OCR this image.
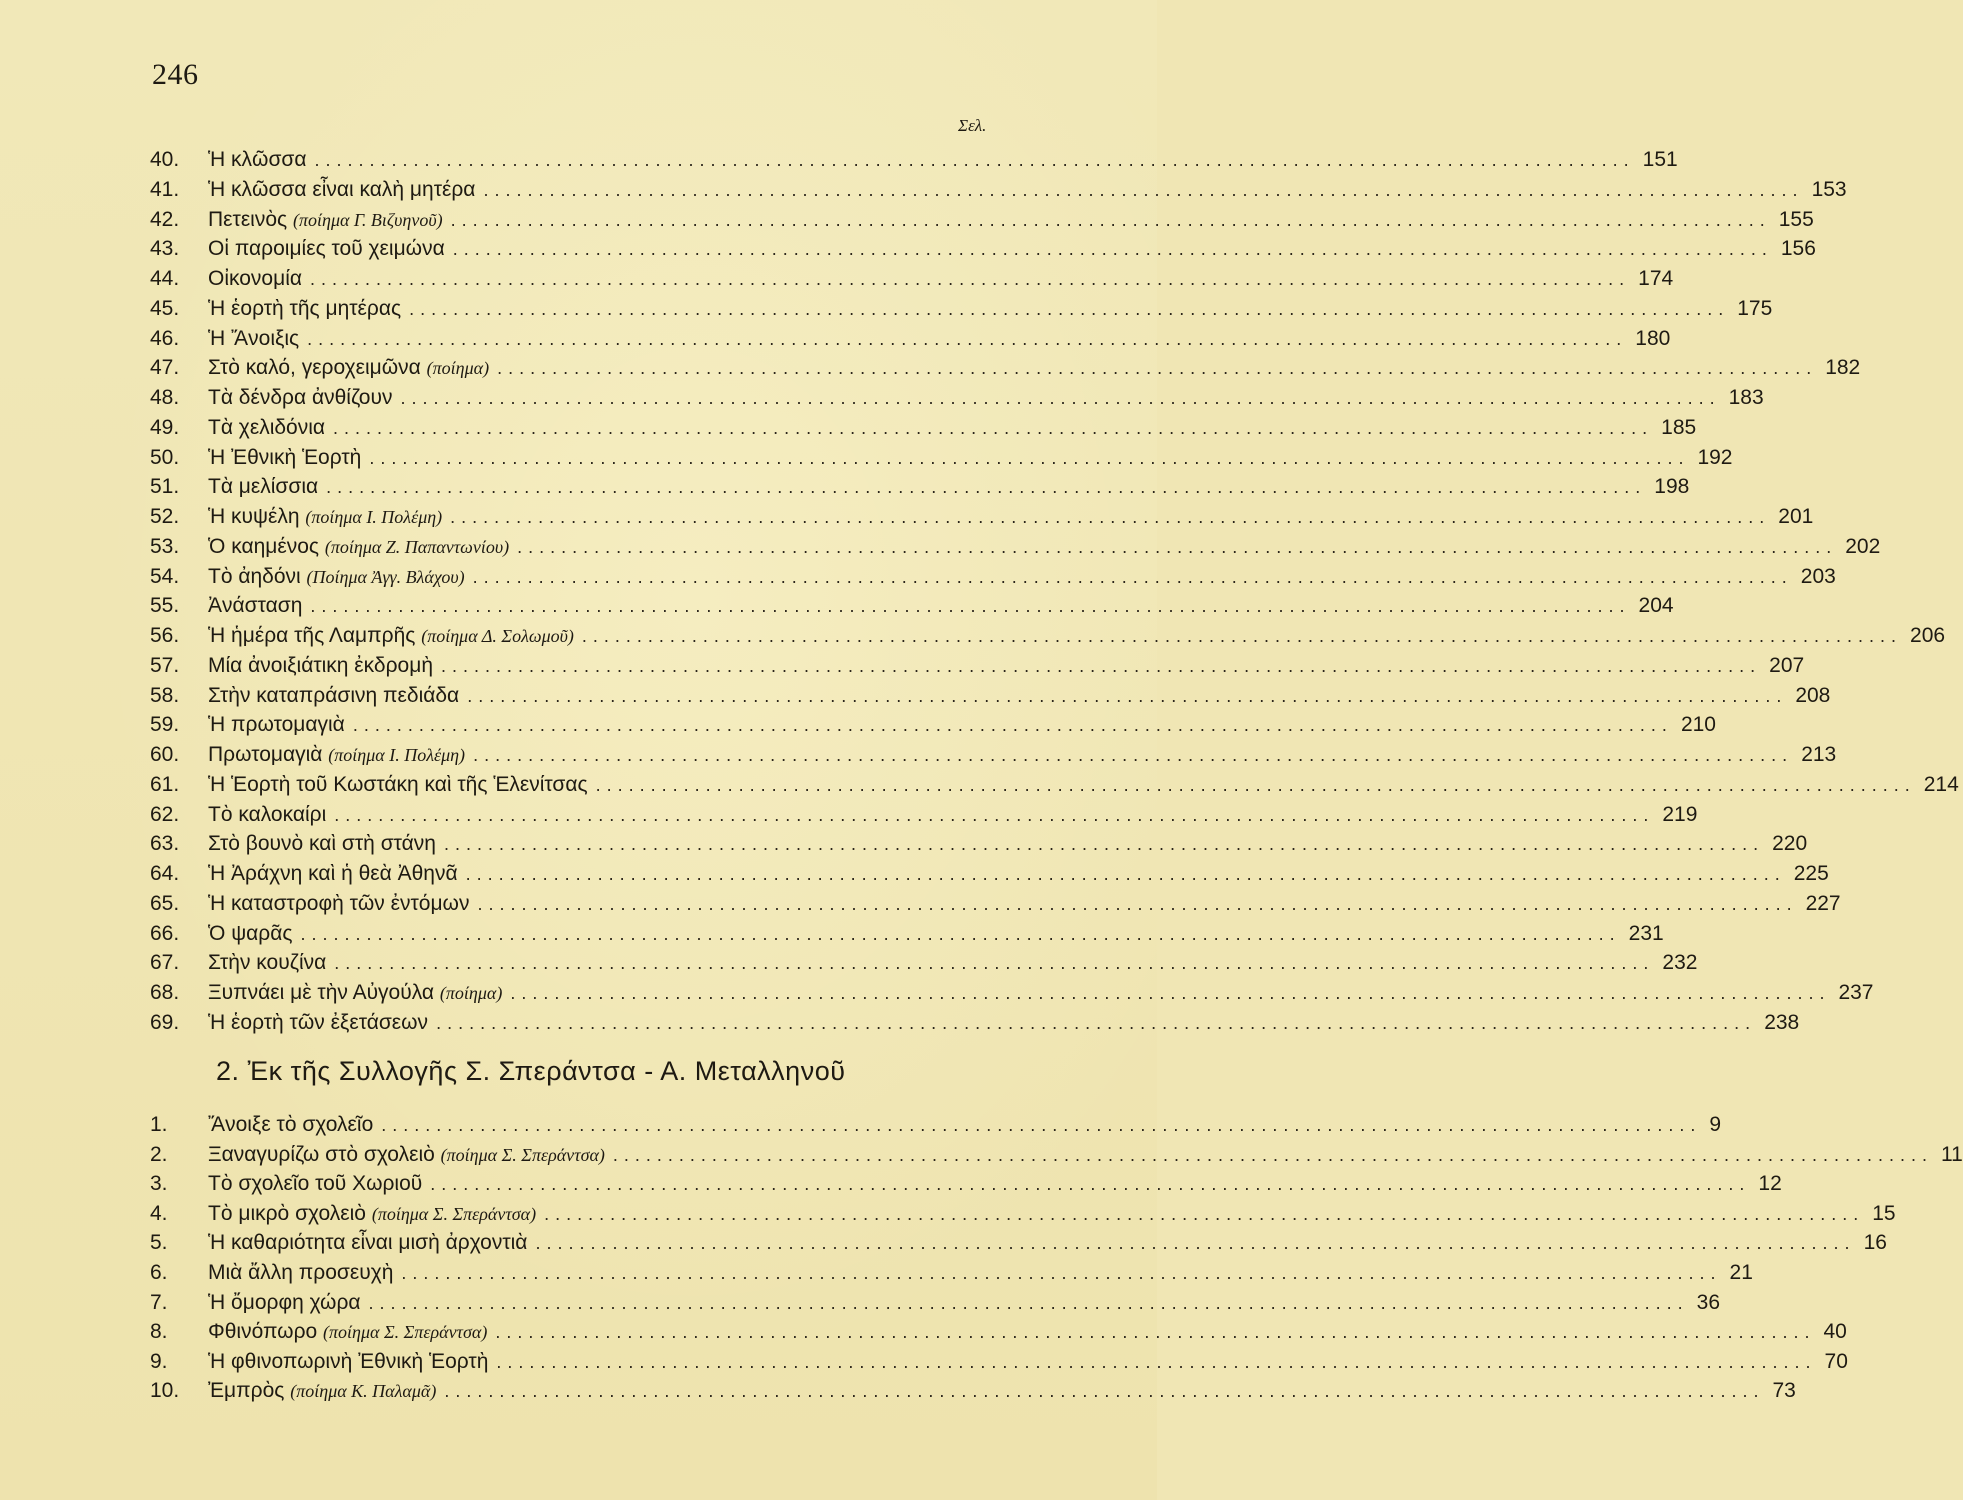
246
Σελ.
40.	Ἡ κλῶσσα ........................................................................................................................ 151
41.	Ἡ κλῶσσα εἶναι καλὴ μητέρα ........................................................................................................................ 153
42.	Πετεινὸς (ποίημα Γ. Βιζυηνοῦ) ........................................................................................................................ 155
43.	Οἱ παροιμίες τοῦ χειμώνα ........................................................................................................................ 156
44.	Οἰκονομία ........................................................................................................................ 174
45.	Ἡ ἑορτὴ τῆς μητέρας ........................................................................................................................ 175
46.	Ἡ Ἄνοιξις ........................................................................................................................ 180
47.	Στὸ καλό, γεροχειμῶνα (ποίημα) ........................................................................................................................ 182
48.	Τὰ δένδρα ἀνθίζουν ........................................................................................................................ 183
49.	Τὰ χελιδόνια ........................................................................................................................ 185
50.	Ἡ Ἐθνικὴ Ἑορτὴ ........................................................................................................................ 192
51.	Τὰ μελίσσια ........................................................................................................................ 198
52.	Ἡ κυψέλη (ποίημα Ι. Πολέμη) ........................................................................................................................ 201
53.	Ὁ καημένος (ποίημα Ζ. Παπαντωνίου) ........................................................................................................................ 202
54.	Τὸ ἀηδόνι (Ποίημα Ἀγγ. Βλάχου) ........................................................................................................................ 203
55.	Ἀνάσταση ........................................................................................................................ 204
56.	Ἡ ἡμέρα τῆς Λαμπρῆς (ποίημα Δ. Σολωμοῦ) ........................................................................................................................ 206
57.	Μία ἀνοιξιάτικη ἐκδρομὴ ........................................................................................................................ 207
58.	Στὴν καταπράσινη πεδιάδα ........................................................................................................................ 208
59.	Ἡ πρωτομαγιὰ ........................................................................................................................ 210
60.	Πρωτομαγιὰ (ποίημα Ι. Πολέμη) ........................................................................................................................ 213
61.	Ἡ Ἑορτὴ τοῦ Κωστάκη καὶ τῆς Ἑλενίτσας ........................................................................................................................ 214
62.	Τὸ καλοκαίρι ........................................................................................................................ 219
63.	Στὸ βουνὸ καὶ στὴ στάνη ........................................................................................................................ 220
64.	Ἡ Ἀράχνη καὶ ἡ θεὰ Ἀθηνᾶ ........................................................................................................................ 225
65.	Ἡ καταστροφὴ τῶν ἐντόμων ........................................................................................................................ 227
66.	Ὁ ψαρᾶς ........................................................................................................................ 231
67.	Στὴν κουζίνα ........................................................................................................................ 232
68.	Ξυπνάει μὲ τὴν Αὐγούλα (ποίημα) ........................................................................................................................ 237
69.	Ἡ ἑορτὴ τῶν ἐξετάσεων ........................................................................................................................ 238
2. Ἐκ τῆς Συλλογῆς Σ. Σπεράντσα - Α. Μεταλληνοῦ
1.	Ἄνοιξε τὸ σχολεῖο ........................................................................................................................ 9
2.	Ξαναγυρίζω στὸ σχολειὸ (ποίημα Σ. Σπεράντσα) ........................................................................................................................ 11
3.	Τὸ σχολεῖο τοῦ Χωριοῦ ........................................................................................................................ 12
4.	Τὸ μικρὸ σχολειὸ (ποίημα Σ. Σπεράντσα) ........................................................................................................................ 15
5.	Ἡ καθαριότητα εἶναι μισὴ ἀρχοντιὰ ........................................................................................................................ 16
6.	Μιὰ ἄλλη προσευχὴ ........................................................................................................................ 21
7.	Ἡ ὄμορφη χώρα ........................................................................................................................ 36
8.	Φθινόπωρο (ποίημα Σ. Σπεράντσα) ........................................................................................................................ 40
9.	Ἡ φθινοπωρινὴ Ἐθνικὴ Ἑορτὴ ........................................................................................................................ 70
10.	Ἐμπρὸς (ποίημα Κ. Παλαμᾶ) ........................................................................................................................ 73
